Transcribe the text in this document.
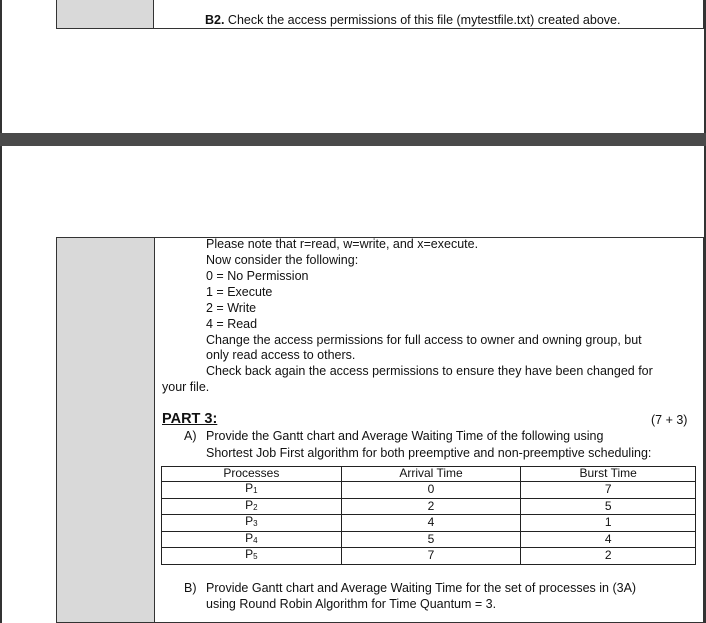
B2. Check the access permissions of this file (mytestfile.txt) created above.
Please note that r=read, w=write, and x=execute.
Now consider the following:
0 = No Permission
1 = Execute
2 = Write
4 = Read
Change the access permissions for full access to owner and owning group, but
only read access to others.
Check back again the access permissions to ensure they have been changed for
your file.
PART 3:	(7 + 3)
A) Provide the Gantt chart and Average Waiting Time of the following using
Shortest Job First algorithm for both preemptive and non-preemptive scheduling:
Processes	Arrival Time	Burst Time
$P_1$	0	7
$P_2$	2	5
$P_3$	4	1
$P_4$	5	4
$P_5$	7	2
B) Provide Gantt chart and Average Waiting Time for the set of processes in (3A)
using Round Robin Algorithm for Time Quantum = 3.
